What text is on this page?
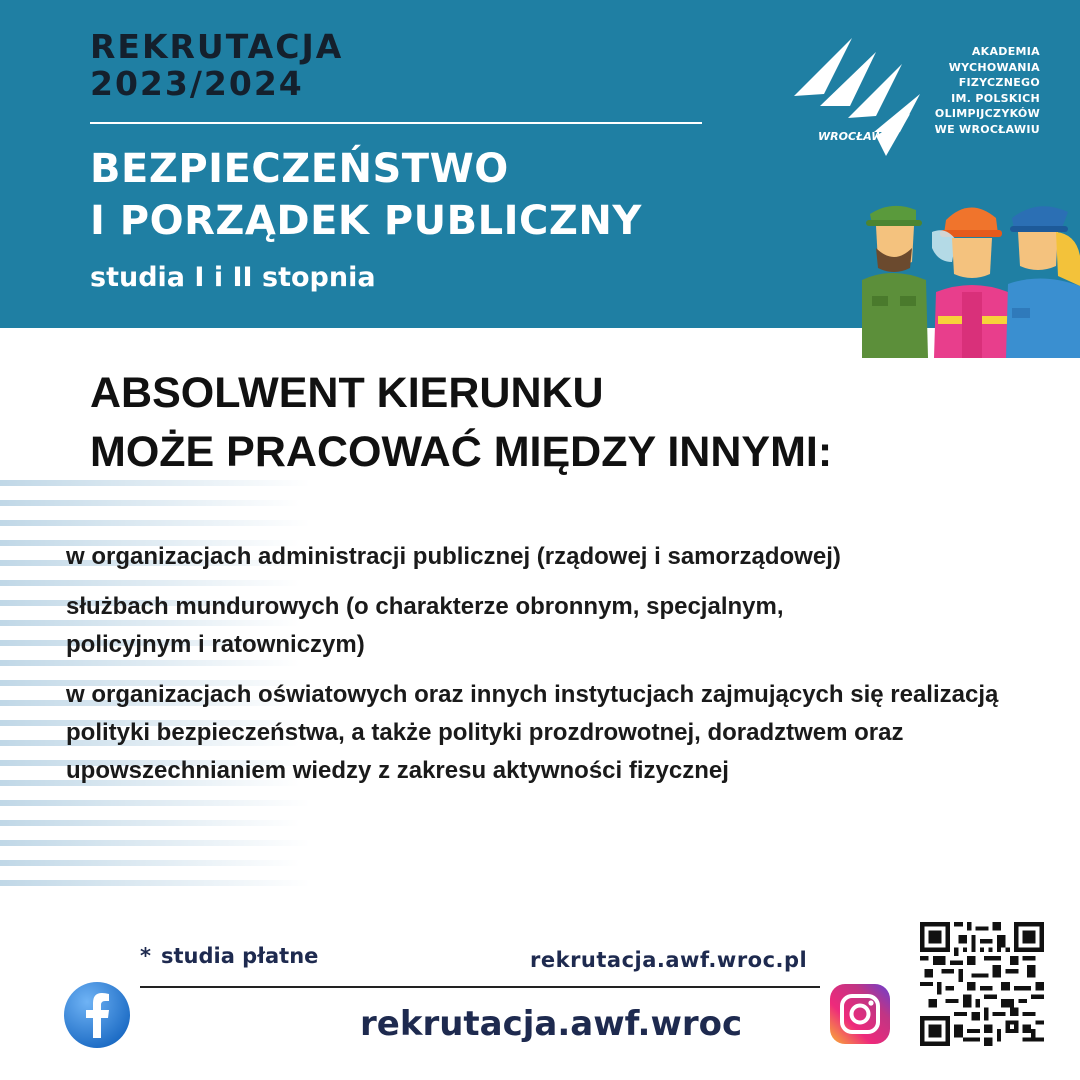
REKRUTACJA
2023/2024
BEZPIECZEŃSTWO
I PORZĄDEK PUBLICZNY
studia I i II stopnia
WROCŁAW
AKADEMIA
WYCHOWANIA
FIZYCZNEGO
IM. POLSKICH
OLIMPIJCZYKÓW
WE WROCŁAWIU
ABSOLWENT KIERUNKU
MOŻE PRACOWAĆ MIĘDZY INNYMI:
w organizacjach administracji publicznej (rządowej i samorządowej)
służbach mundurowych (o charakterze obronnym, specjalnym, policyjnym i ratowniczym)
w organizacjach oświatowych oraz innych instytucjach zajmujących się realizacją polityki bezpieczeństwa, a także polityki prozdrowotnej, doradztwem oraz upowszechnianiem wiedzy z zakresu aktywności fizycznej
* studia płatne	rekrutacja.awf.wroc.pl
rekrutacja.awf.wroc
